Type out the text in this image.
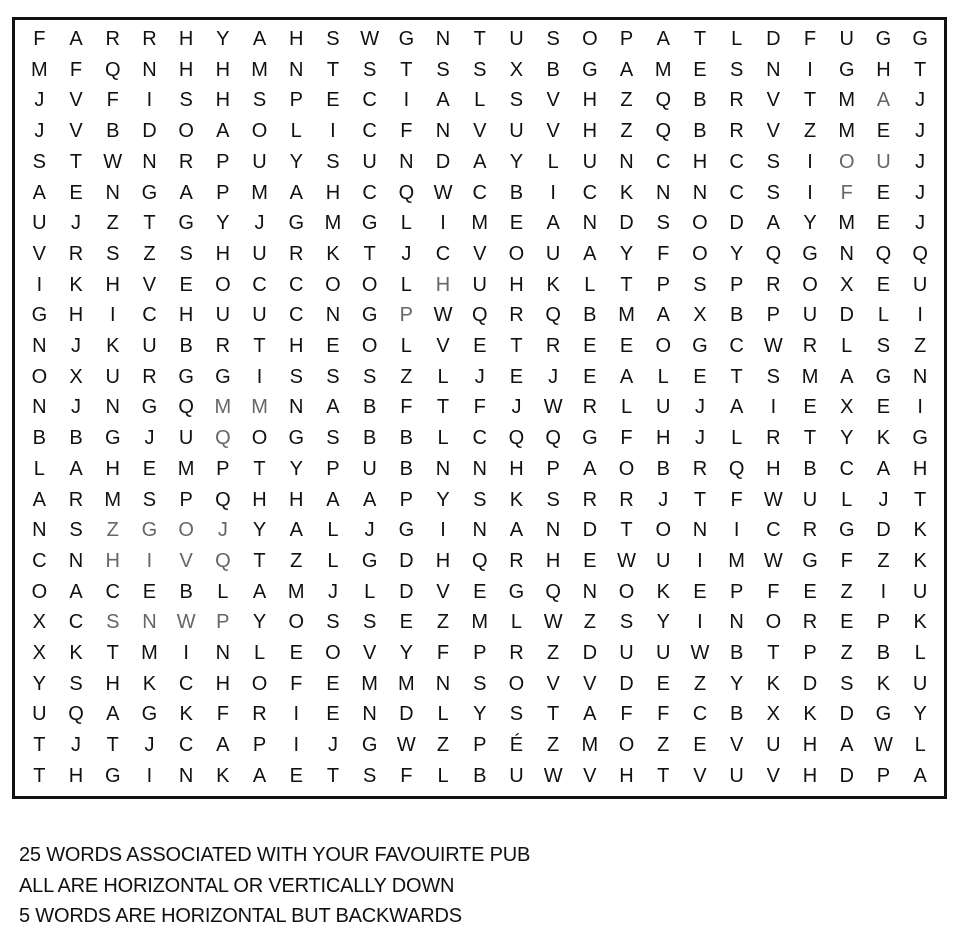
F	A	R	R	H	Y	A	H	S	W G	N	T	U	S	O	P	A	T	L	D	F	U	G	G
M	F	Q	N	H	H	M	N	T	S	T	S	S	X	B	G	A	M	E	S	N	I	G	H	T
J	V	F	I	S	H	S	P	E	C	I	A	L	S	V	H	Z	Q	B	R	V	T	M	A	J
J	V	B	D	O	A	O	L	I	C	F	N	V	U	V	H	Z	Q	B	R	V	Z	M	E	J
S	T	W	N	R	P	U	Y	S	U	N	D	A	Y	L	U	N	C	H	C	S	I	O	U	J
A	E	N	G	A	P	M	A	H	C	Q W	C	B	I	C	K	N	N	C	S	I	F	E	J
U	J	Z	T	G	Y	J	G	M	G	L	I	M	E	A	N	D	S	O	D	A	Y	M	E	J
V	R	S	Z	S	H	U	R	K	T	J	C	V	O	U	A	Y	F	O	Y	Q	G	N	Q	Q
I	K	H	V	E	O	C	C	O	O	L	H	U	H	K	L	T	P	S	P	R	O	X	E	U
G	H	I	C	H	U	U	C	N	G	P	W Q	R	Q	B	M	A	X	B	P	U	D	L	I
N	J	K	U	B	R	T	H	E	O	L	V	E	T	R	E	E	O	G	C	W	R	L	S	Z
O	X	U	R	G	G	I	S	S	S	Z	L	J	E	J	E	A	L	E	T	S	M	A	G	N
N	J	N	G	Q	M	M	N	A	B	F	T	F	J	W	R	L	U	J	A	I	E	X	E	I
B	B	G	J	U	Q	O	G	S	B	B	L	C	Q	Q	G	F	H	J	L	R	T	Y	K	G
L	A	H	E	M	P	T	Y	P	U	B	N	N	H	P	A	O	B	R	Q	H	B	C	A	H
A	R	M	S	P	Q	H	H	A	A	P	Y	S	K	S	R	R	J	T	F	W	U	L	J	T
N	S	Z	G	O	J	Y	A	L	J	G	I	N	A	N	D	T	O	N	I	C	R	G	D	K
C	N	H	I	V	Q	T	Z	L	G	D	H	Q	R	H	E	W	U	I	M W G	F	Z	K
O	A	C	E	B	L	A	M	J	L	D	V	E	G	Q	N	O	K	E	P	F	E	Z	I	U
X	C	S	N	W	P	Y	O	S	S	E	Z	M	L	W	Z	S	Y	I	N	O	R	E	P	K
X	K	T	M	I	N	L	E	O	V	Y	F	P	R	Z	D	U	U	W	B	T	P	Z	B	L
Y	S	H	K	C	H	O	F	E	M	M	N	S	O	V	V	D	E	Z	Y	K	D	S	K	U
U	Q	A	G	K	F	R	I	E	N	D	L	Y	S	T	A	F	F	C	B	X	K	D	G	Y
T	J	T	J	C	A	P	I	J	G W	Z	P	É	Z	M	O	Z	E	V	U	H	A	W	L
T	H	G	I	N	K	A	E	T	S	F	L	B	U	W	V	H	T	V	U	V	H	D	P	A
25 WORDS ASSOCIATED WITH YOUR FAVOUIRTE PUB
ALL ARE HORIZONTAL OR VERTICALLY DOWN
5 WORDS ARE HORIZONTAL BUT BACKWARDS
